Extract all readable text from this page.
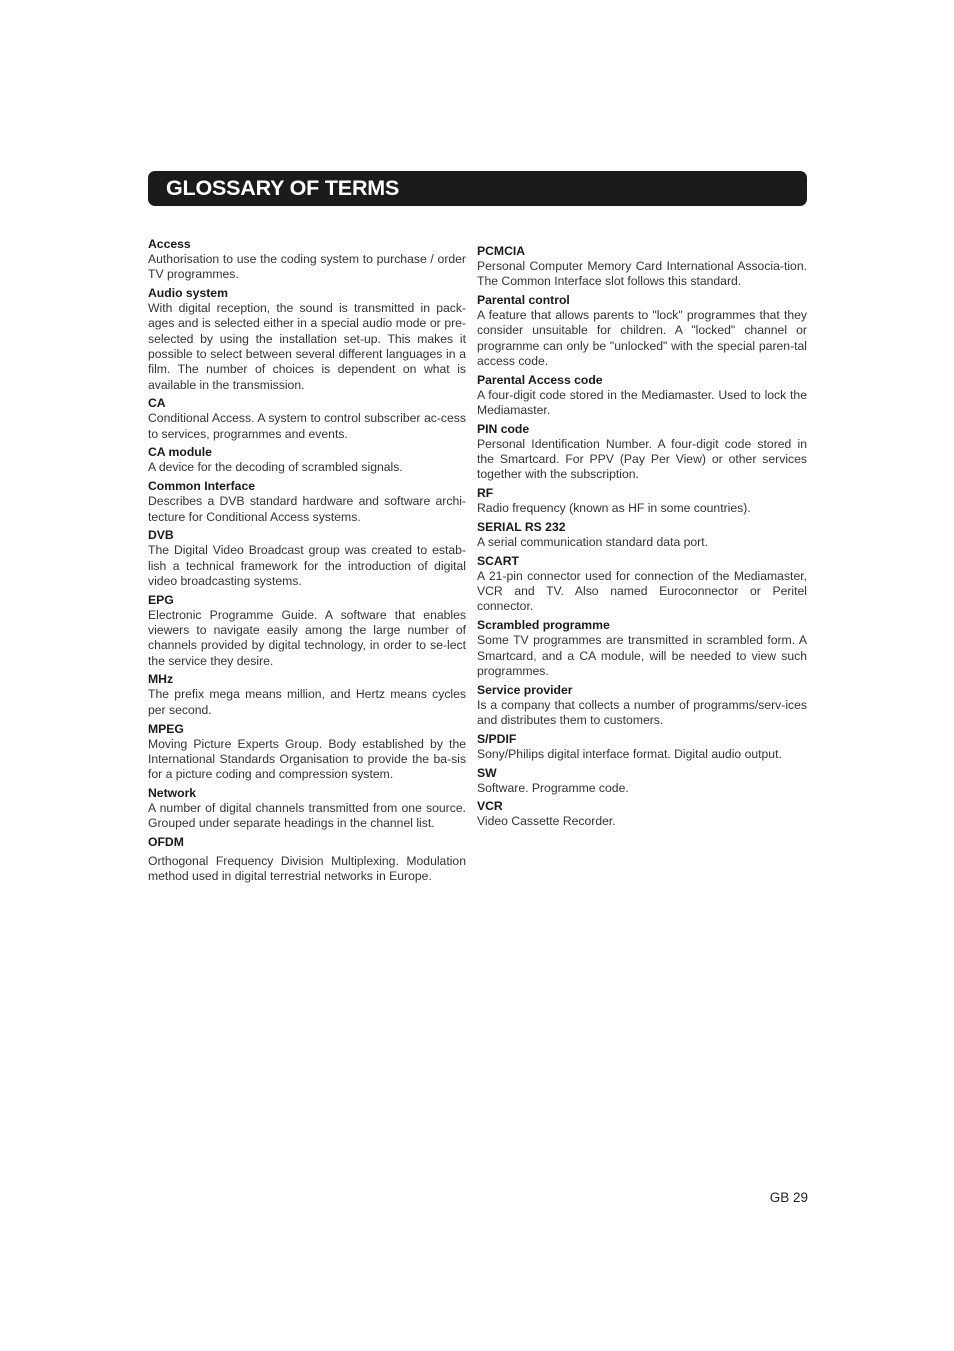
GLOSSARY OF TERMS
Access
Authorisation to use the coding system to purchase / order TV programmes.
Audio system
With digital reception, the sound is transmitted in pack-ages and is selected either in a special audio mode or pre-selected by using the installation set-up. This makes it possible to select between several different languages in a film. The number of choices is dependent on what is available in the transmission.
CA
Conditional Access. A system to control subscriber ac-cess to services, programmes and events.
CA module
A device for the decoding of scrambled signals.
Common Interface
Describes a DVB standard hardware and software archi-tecture for Conditional Access systems.
DVB
The Digital Video Broadcast group was created to estab-lish a technical framework for the introduction of digital video broadcasting systems.
EPG
Electronic Programme Guide. A software that enables viewers to navigate easily among the large number of channels provided by digital technology, in order to se-lect the service they desire.
MHz
The prefix mega means million, and Hertz means cycles per second.
MPEG
Moving Picture Experts Group. Body established by the International Standards Organisation to provide the ba-sis for a picture coding and compression system.
Network
A number of digital channels transmitted from one source. Grouped under separate headings in the channel list.
OFDM
Orthogonal Frequency Division Multiplexing. Modulation method used in digital terrestrial networks in Europe.
PCMCIA
Personal Computer Memory Card International Associa-tion. The Common Interface slot follows this standard.
Parental control
A feature that allows parents to "lock" programmes that they consider unsuitable for children. A "locked" channel or programme can only be "unlocked" with the special paren-tal access code.
Parental Access code
A four-digit code stored in the Mediamaster. Used to lock the Mediamaster.
PIN code
Personal Identification Number. A four-digit code stored in the Smartcard. For PPV (Pay Per View) or other services together with the subscription.
RF
Radio frequency (known as HF in some countries).
SERIAL RS 232
A serial communication standard data port.
SCART
A 21-pin connector used for connection of the Mediamaster, VCR and TV. Also named Euroconnector or Peritel connector.
Scrambled programme
Some TV programmes are transmitted in scrambled form. A Smartcard, and a CA module, will be needed to view such programmes.
Service provider
Is a company that collects a number of programms/serv-ices and distributes them to customers.
S/PDIF
Sony/Philips digital interface format. Digital audio output.
SW
Software. Programme code.
VCR
Video Cassette Recorder.
GB 29
